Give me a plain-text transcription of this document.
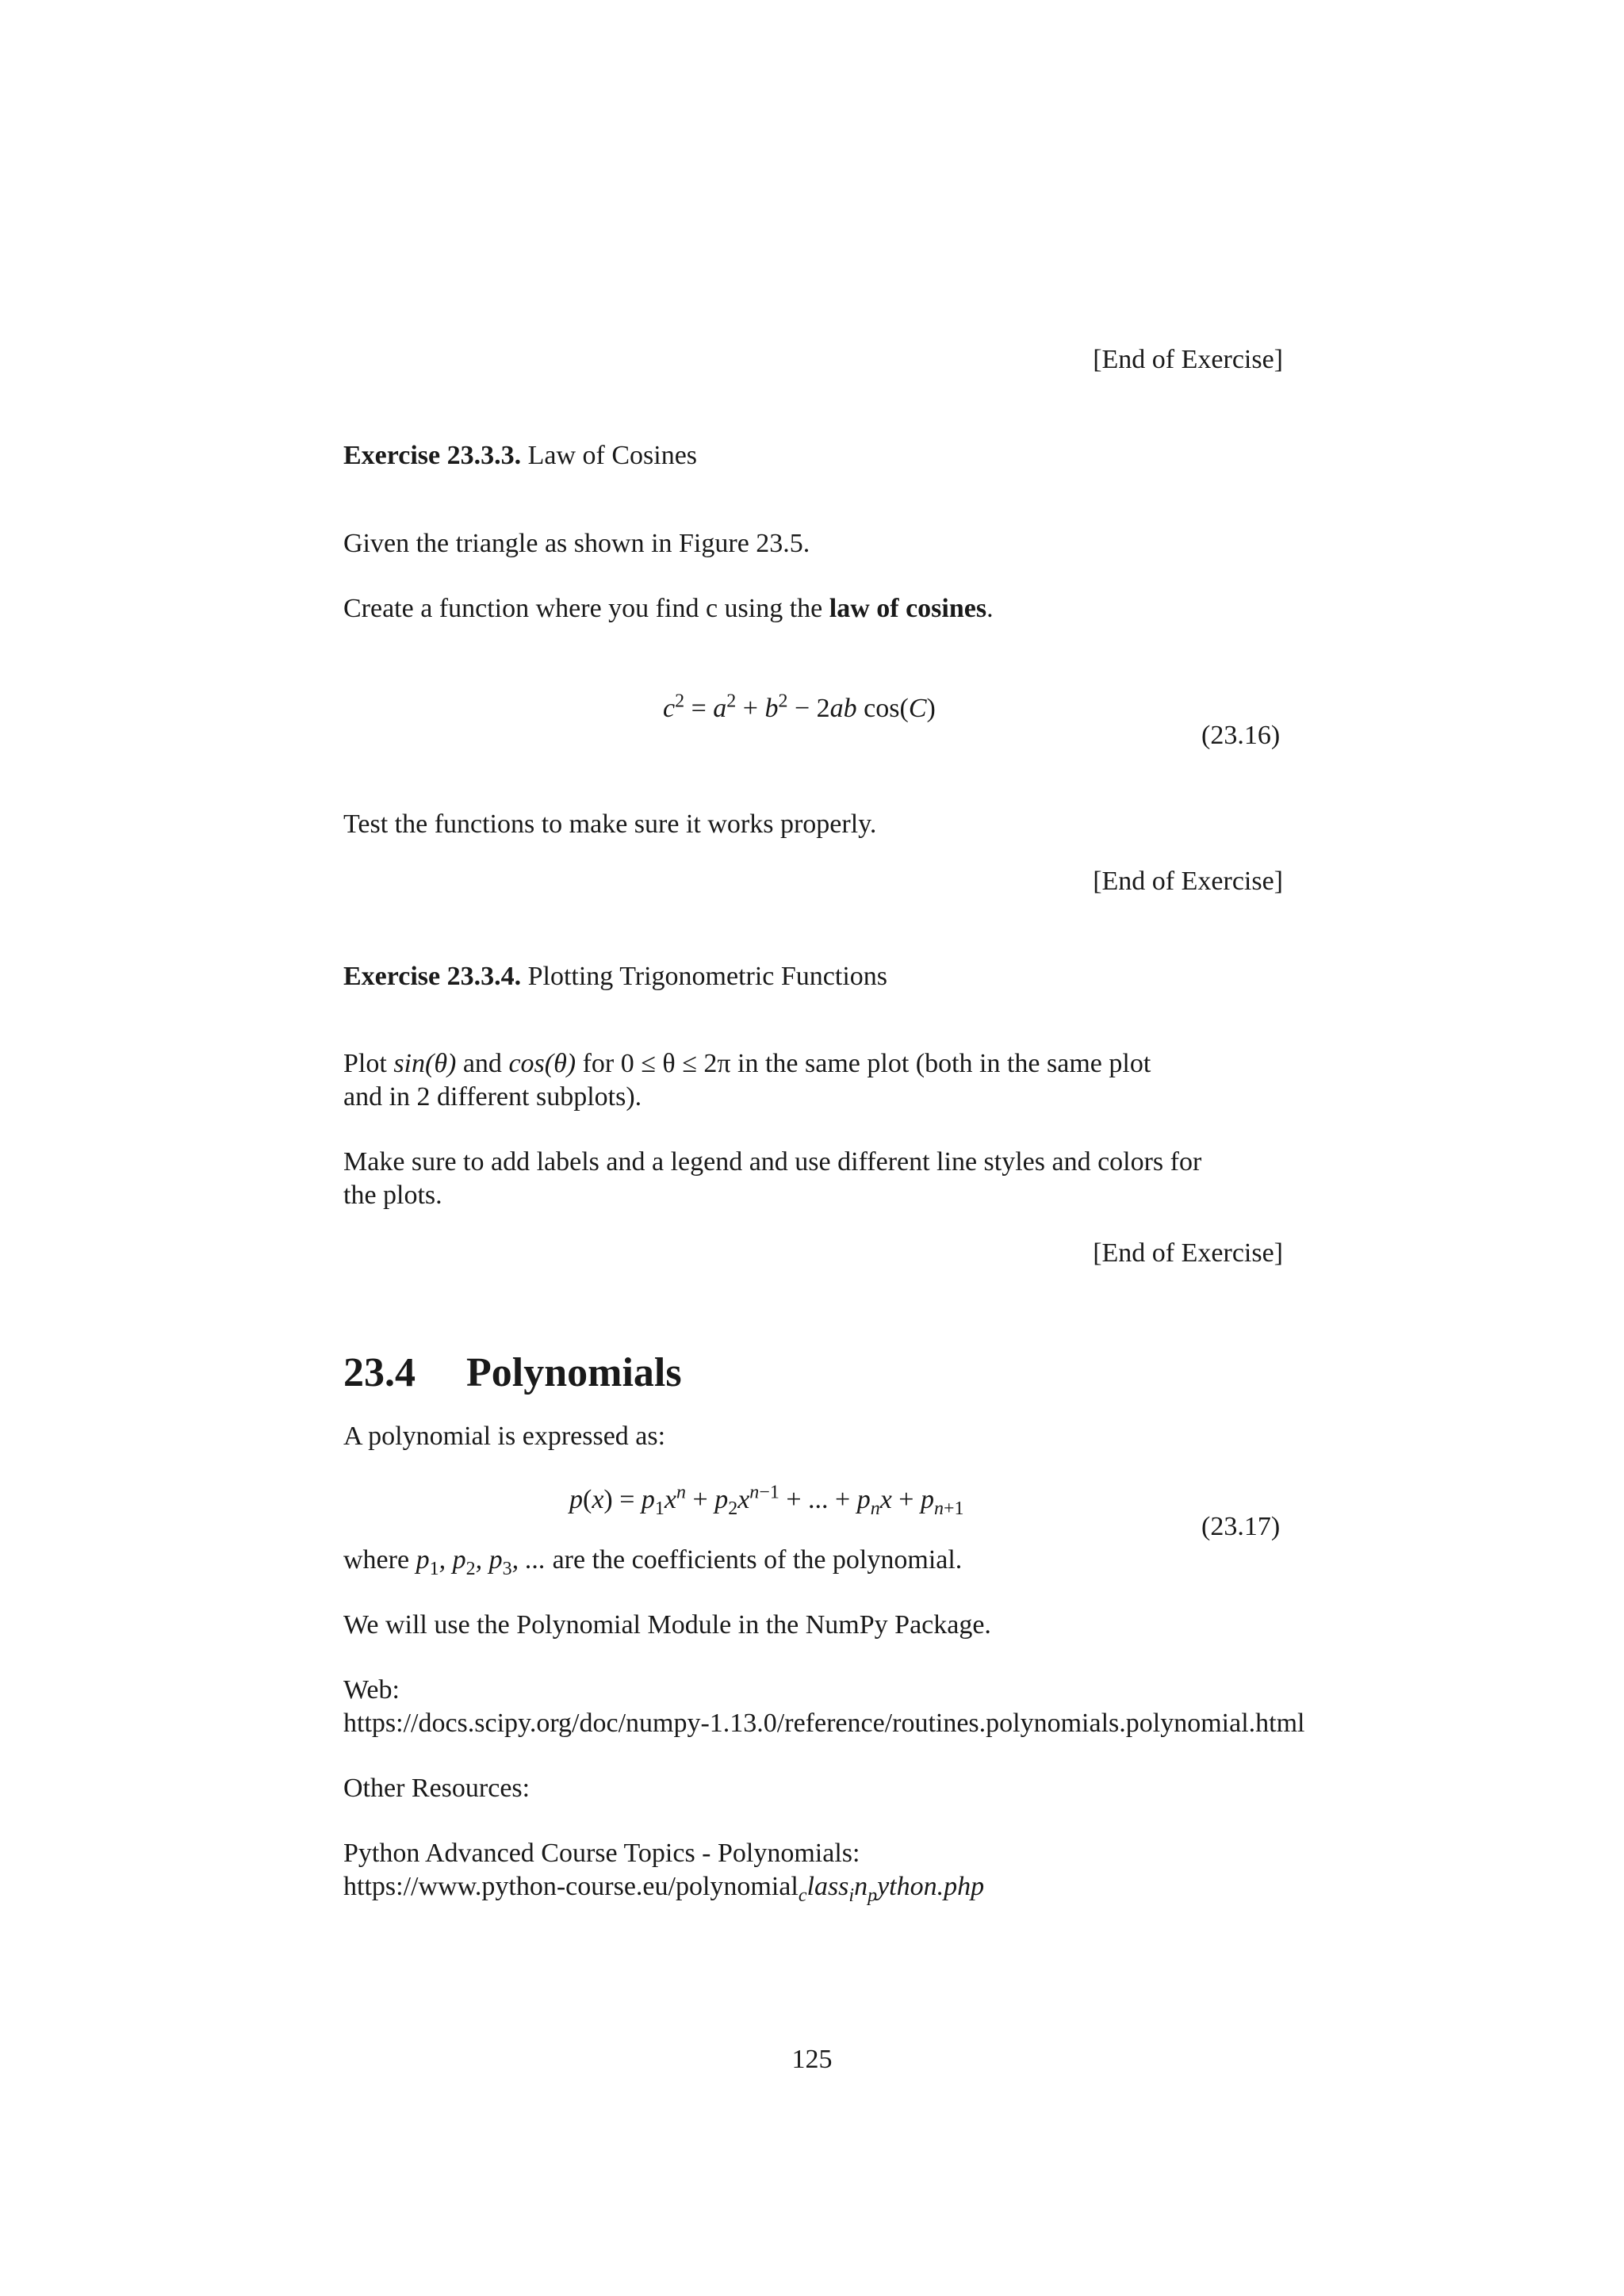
[End of Exercise]

Exercise 23.3.3. Law of Cosines

Given the triangle as shown in Figure 23.5.

Create a function where you find c using the law of cosines.

$c^2 = a^2 + b^2 - 2ab$ cos(C)

(23.16)

Test the functions to make sure it works properly.

[End of Exercise]

Exercise 23.3.4. Plotting Trigonometric Functions

Plot sin(θ) and cos(θ) for 0 ≤ θ ≤ 2π in the same plot (both in the same plot

and in 2 different subplots).

Make sure to add labels and a legend and use different line styles and colors for

the plots.

[End of Exercise]

23.4 Polynomials

A polynomial is expressed as:

$p(x) = p_1x^n + p_2x^{n-1}$ + ... + $p_nx + p_{n+1}$

(23.17)

where $p_1$, $p_2$, $p_3$, ... are the coefficients of the polynomial.

We will use the Polynomial Module in the NumPy Package.

Web:

https://docs.scipy.org/doc/numpy-1.13.0/reference/routines.polynomials.polynomial.html

Other Resources:

Python Advanced Course Topics - Polynomials:

$https://www.python-course.eu/polynomial_class_in_python.php$

125
